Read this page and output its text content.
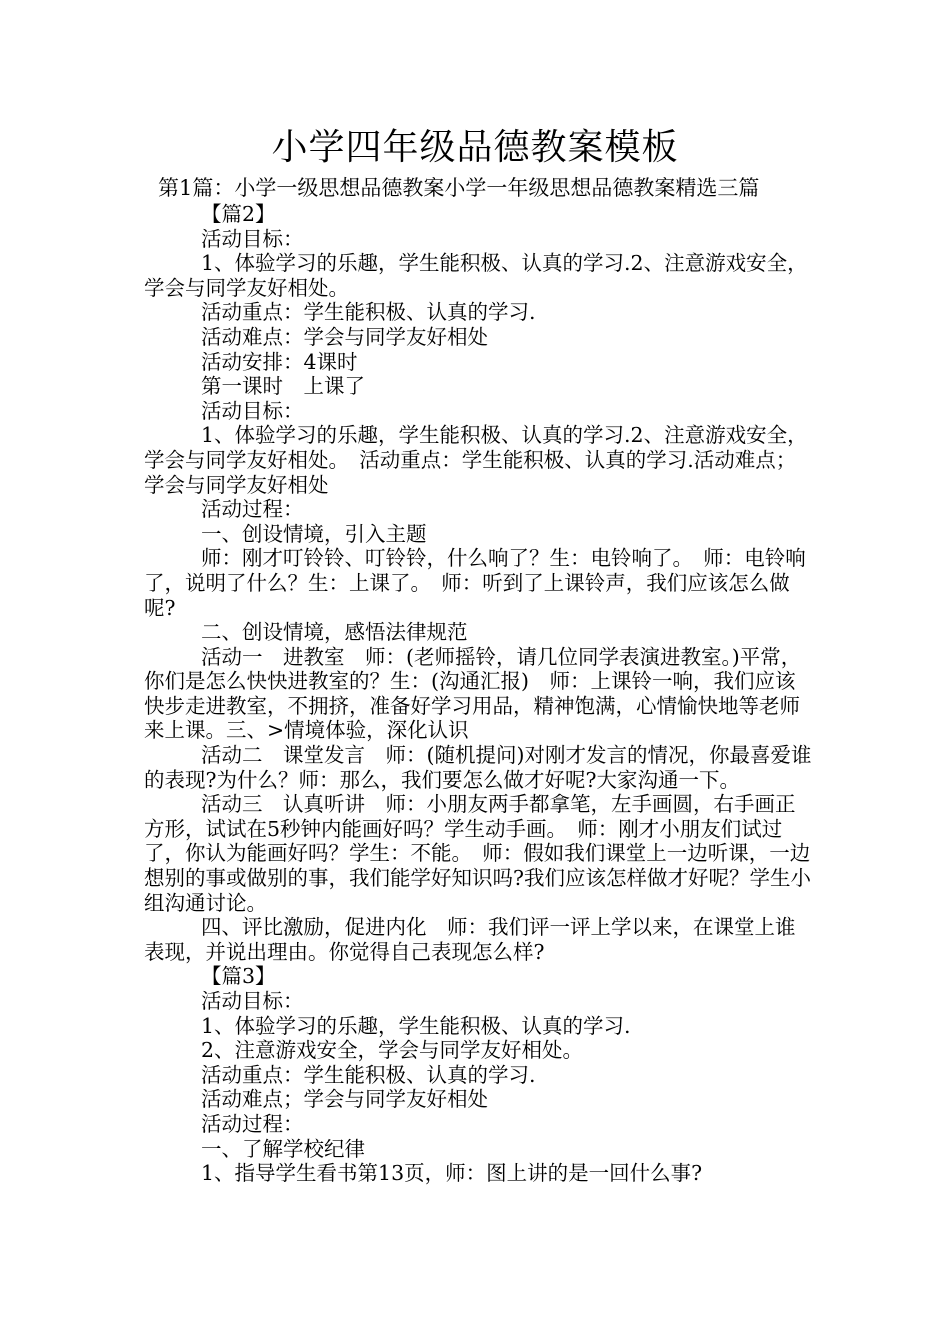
小学四年级品德教案模板
第1篇：小学一级思想品德教案小学一年级思想品德教案精选三篇

【篇2】

活动目标：

1、体验学习的乐趣，学生能积极、认真的学习.2、注意游戏安全，学会与同学友好相处。

活动重点：学生能积极、认真的学习.

活动难点：学会与同学友好相处

活动安排：4课时

第一课时　上课了

活动目标：

1、体验学习的乐趣，学生能积极、认真的学习.2、注意游戏安全，学会与同学友好相处。　活动重点：学生能积极、认真的学习.活动难点；学会与同学友好相处

活动过程：

一、创设情境，引入主题

师：刚才叮铃铃、叮铃铃，什么响了？生：电铃响了。　师：电铃响了，说明了什么？生：上课了。　师：听到了上课铃声，我们应该怎么做呢?

二、创设情境，感悟法律规范

活动一　进教室　师：(老师摇铃，请几位同学表演进教室。)平常，你们是怎么快快进教室的？生：(沟通汇报)　师：上课铃一响，我们应该快步走进教室，不拥挤，准备好学习用品，精神饱满，心情愉快地等老师来上课。三、>情境体验，深化认识

活动二　课堂发言　师：(随机提问)对刚才发言的情况，你最喜爱谁的表现?为什么？师：那么，我们要怎么做才好呢?大家沟通一下。

活动三　认真听讲　师：小朋友两手都拿笔，左手画圆，右手画正方形，试试在5秒钟内能画好吗？学生动手画。　师：刚才小朋友们试过了，你认为能画好吗？学生：不能。　师：假如我们课堂上一边听课，一边想别的事或做别的事，我们能学好知识吗?我们应该怎样做才好呢？学生小组沟通讨论。

四、评比激励，促进内化　师：我们评一评上学以来，在课堂上谁表现，并说出理由。你觉得自己表现怎么样?

【篇3】

活动目标：

1、体验学习的乐趣，学生能积极、认真的学习.

2、注意游戏安全，学会与同学友好相处。

活动重点：学生能积极、认真的学习.

活动难点；学会与同学友好相处

活动过程：

一、了解学校纪律

1、指导学生看书第13页，师：图上讲的是一回什么事?
